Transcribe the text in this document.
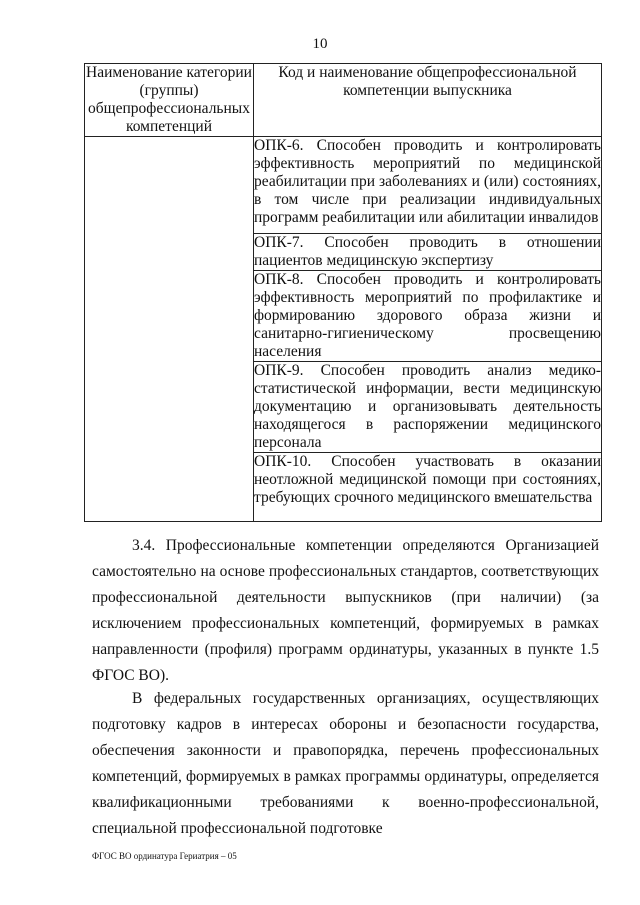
10
Наименование категории (группы) общепрофессиональных компетенций	Код и наименование общепрофессиональной компетенции выпускника
	ОПК-6. Способен проводить и контролировать эффективность мероприятий по медицинской реабилитации при заболеваниях и (или) состояниях, в том числе при реализации индивидуальных программ реабилитации или абилитации инвалидов
	ОПК-7. Способен проводить в отношении пациентов медицинскую экспертизу
	ОПК-8. Способен проводить и контролировать эффективность мероприятий по профилактике и формированию здорового образа жизни и санитарно-гигиеническому просвещению населения
	ОПК-9. Способен проводить анализ медико-статистической информации, вести медицинскую документацию и организовывать деятельность находящегося в распоряжении медицинского персонала
	ОПК-10. Способен участвовать в оказании неотложной медицинской помощи при состояниях, требующих срочного медицинского вмешательства

3.4. Профессиональные компетенции определяются Организацией самостоятельно на основе профессиональных стандартов, соответствующих профессиональной деятельности выпускников (при наличии) (за исключением профессиональных компетенций, формируемых в рамках направленности (профиля) программ ординатуры, указанных в пункте 1.5 ФГОС ВО).

В федеральных государственных организациях, осуществляющих подготовку кадров в интересах обороны и безопасности государства, обеспечения законности и правопорядка, перечень профессиональных компетенций, формируемых в рамках программы ординатуры, определяется квалификационными требованиями к военно-профессиональной, специальной профессиональной подготовке

ФГОС ВО ординатура Гериатрия – 05
